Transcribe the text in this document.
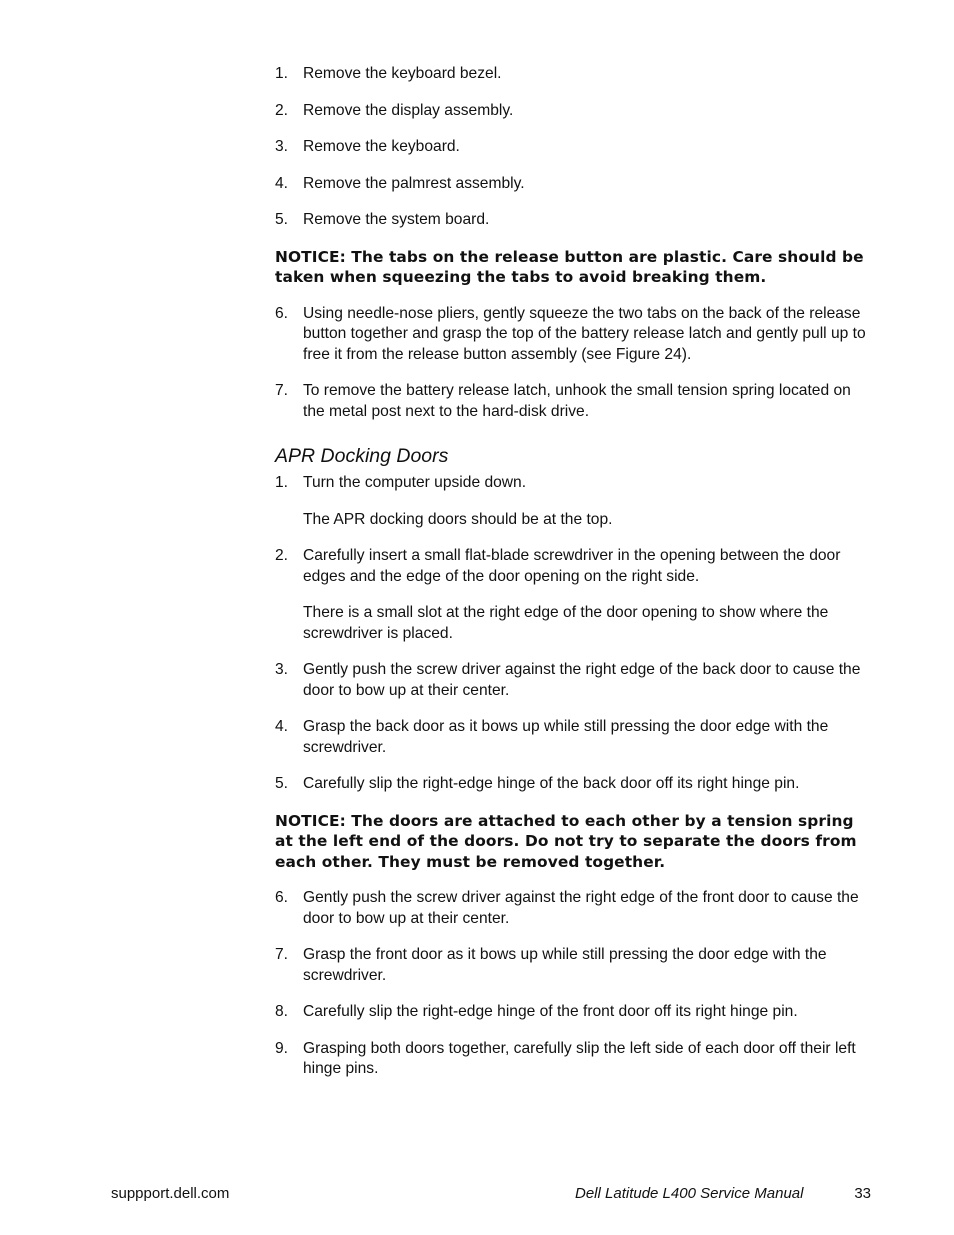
1. Remove the keyboard bezel.
2. Remove the display assembly.
3. Remove the keyboard.
4. Remove the palmrest assembly.
5. Remove the system board.

NOTICE: The tabs on the release button are plastic. Care should be taken when squeezing the tabs to avoid breaking them.

6. Using needle-nose pliers, gently squeeze the two tabs on the back of the release button together and grasp the top of the battery release latch and gently pull up to free it from the release button assembly (see Figure 24).
7. To remove the battery release latch, unhook the small tension spring located on the metal post next to the hard-disk drive.
APR Docking Doors
1. Turn the computer upside down.

The APR docking doors should be at the top.

2. Carefully insert a small flat-blade screwdriver in the opening between the door edges and the edge of the door opening on the right side.

There is a small slot at the right edge of the door opening to show where the screwdriver is placed.

3. Gently push the screw driver against the right edge of the back door to cause the door to bow up at their center.
4. Grasp the back door as it bows up while still pressing the door edge with the screwdriver.
5. Carefully slip the right-edge hinge of the back door off its right hinge pin.

NOTICE: The doors are attached to each other by a tension spring at the left end of the doors. Do not try to separate the doors from each other. They must be removed together.

6. Gently push the screw driver against the right edge of the front door to cause the door to bow up at their center.
7. Grasp the front door as it bows up while still pressing the door edge with the screwdriver.
8. Carefully slip the right-edge hinge of the front door off its right hinge pin.
9. Grasping both doors together, carefully slip the left side of each door off their left hinge pins.
suppport.dell.com	Dell Latitude L400 Service Manual	33
